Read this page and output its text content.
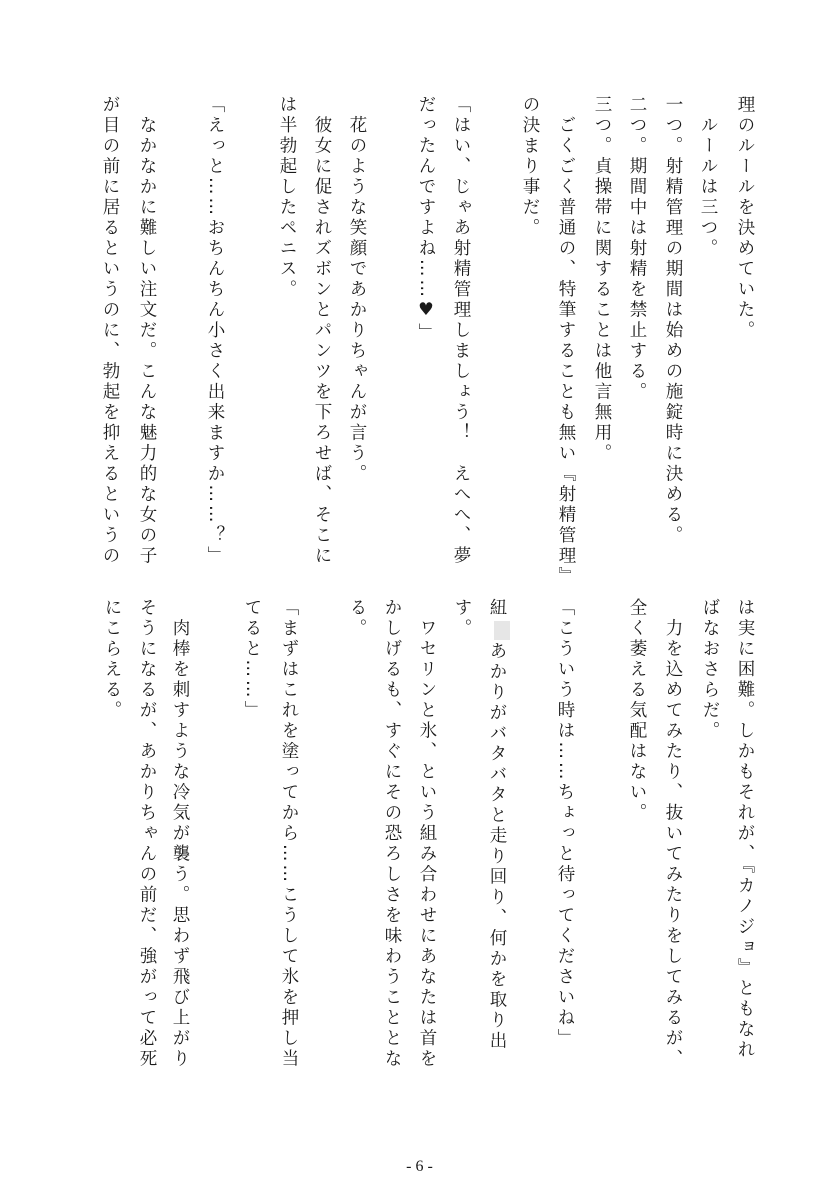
理のルールを決めていた。
　ルールは三つ。
一つ。射精管理の期間は始めの施錠時に決める。
二つ。期間中は射精を禁止する。
三つ。貞操帯に関することは他言無用。
　ごくごく普通の、特筆することも無い『射精管理』
の決まり事だ。
「はい、じゃあ射精管理しましょう！　えへへ、夢
だったんですよね……♥」
　花のような笑顔であかりちゃんが言う。
　彼女に促されズボンとパンツを下ろせば、そこに
は半勃起したペニス。
「えっと……おちんちん小さく出来ますか……？」
　なかなかに難しい注文だ。こんな魅力的な女の子
が目の前に居るというのに、勃起を抑えるというの
は実に困難。しかもそれが、『カノジョ』ともなれ
ばなおさらだ。
　力を込めてみたり、抜いてみたりをしてみるが、
全く萎える気配はない。
「こういう時は……ちょっと待ってくださいね」
紐あかりがバタバタと走り回り、何かを取り出
す。
　ワセリンと氷、という組み合わせにあなたは首を
かしげるも、すぐにその恐ろしさを味わうこととな
る。
「まずはこれを塗ってから……こうして氷を押し当
てると……」
　肉棒を刺すような冷気が襲う。思わず飛び上がり
そうになるが、あかりちゃんの前だ、強がって必死
にこらえる。
- 6 -
